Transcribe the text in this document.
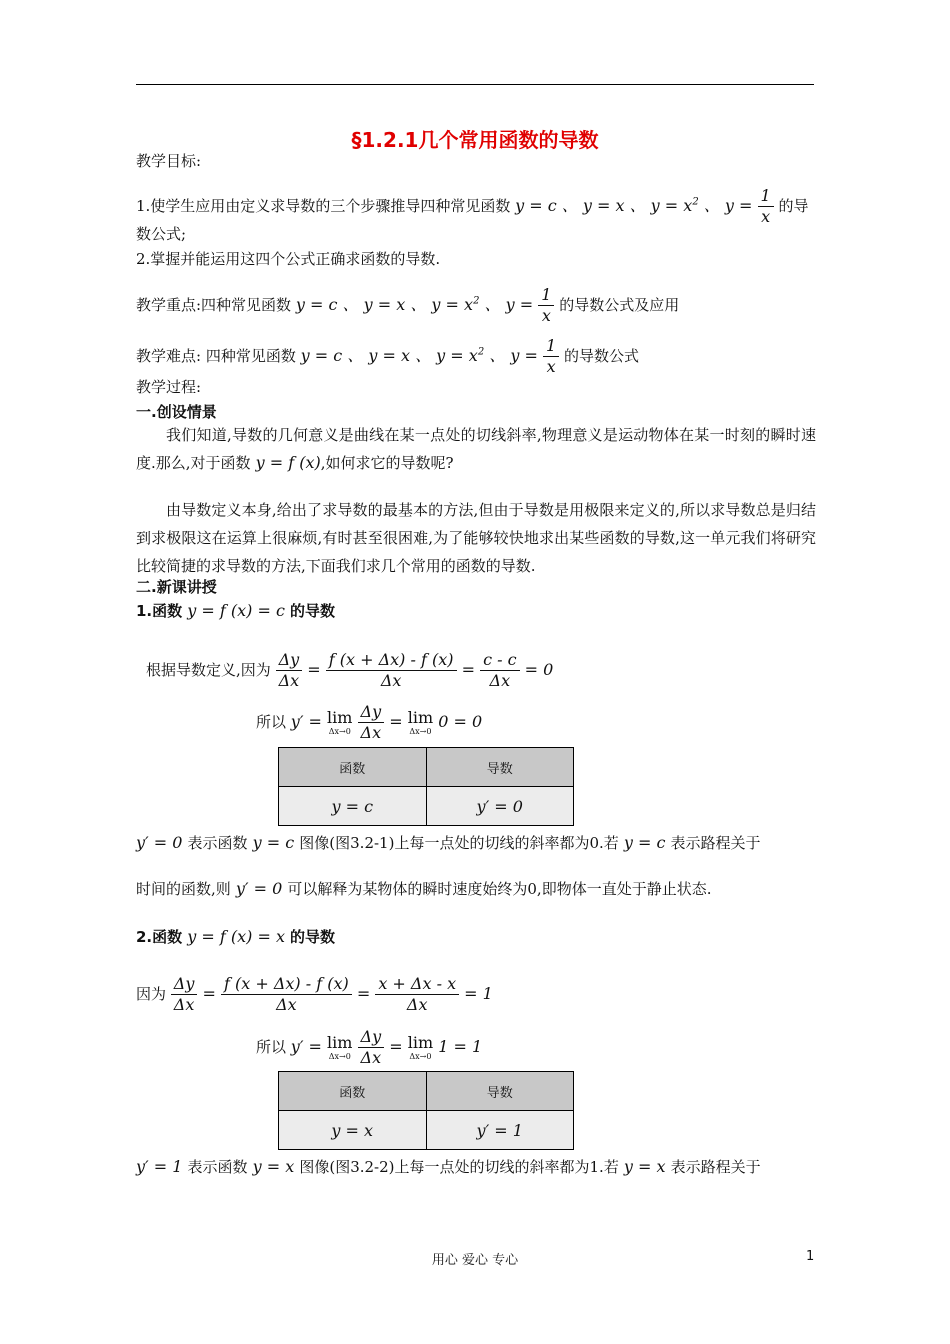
§1.2.1几个常用函数的导数
教学目标:
1.使学生应用由定义求导数的三个步骤推导四种常见函数 y = c 、 y = x 、 $y = x^2$ 、 $y = \frac{1}{x}$ 的导
数公式;
2.掌握并能运用这四个公式正确求函数的导数.
教学重点:四种常见函数 y = c 、 y = x 、 $y = x^2$ 、 $y = \frac{1}{x}$ 的导数公式及应用
教学难点: 四种常见函数 y = c 、 y = x 、 $y = x^2$ 、 $y = \frac{1}{x}$ 的导数公式
教学过程:
一.创设情景
我们知道,导数的几何意义是曲线在某一点处的切线斜率,物理意义是运动物体在某一时刻的瞬时速度.那么,对于函数 y = f (x),如何求它的导数呢?
由导数定义本身,给出了求导数的最基本的方法,但由于导数是用极限来定义的,所以求导数总是归结到求极限这在运算上很麻烦,有时甚至很困难,为了能够较快地求出某些函数的导数,这一单元我们将研究比较简捷的求导数的方法,下面我们求几个常用的函数的导数.
二.新课讲授
1.函数 y = f (x) = c 的导数
根据导数定义,因为 $\frac{\Delta y}{\Delta x} = \frac{f (x + \Delta x) - f (x)}{\Delta x} = \frac{c - c}{\Delta x} = 0$
所以 y′ = lim
Δx→0
$\frac{\Delta y}{\Delta x} = \lim$
Δx→0
0 = 0
函数	导数
y = c	y′ = 0
y′ = 0 表示函数 y = c 图像(图3.2-1)上每一点处的切线的斜率都为0.若 y = c 表示路程关于
时间的函数,则 y′ = 0 可以解释为某物体的瞬时速度始终为0,即物体一直处于静止状态.
2.函数 y = f (x) = x 的导数
因为 $\frac{\Delta y}{\Delta x} = \frac{f (x + \Delta x) - f (x)}{\Delta x} = \frac{x + \Delta x - x}{\Delta x} = 1$
所以 y′ = lim
Δx→0
$\frac{\Delta y}{\Delta x} = \lim$
Δx→0
1 = 1
函数	导数
y = x	y′ = 1
y′ = 1 表示函数 y = x 图像(图3.2-2)上每一点处的切线的斜率都为1.若 y = x 表示路程关于
用心 爱心 专心	1
